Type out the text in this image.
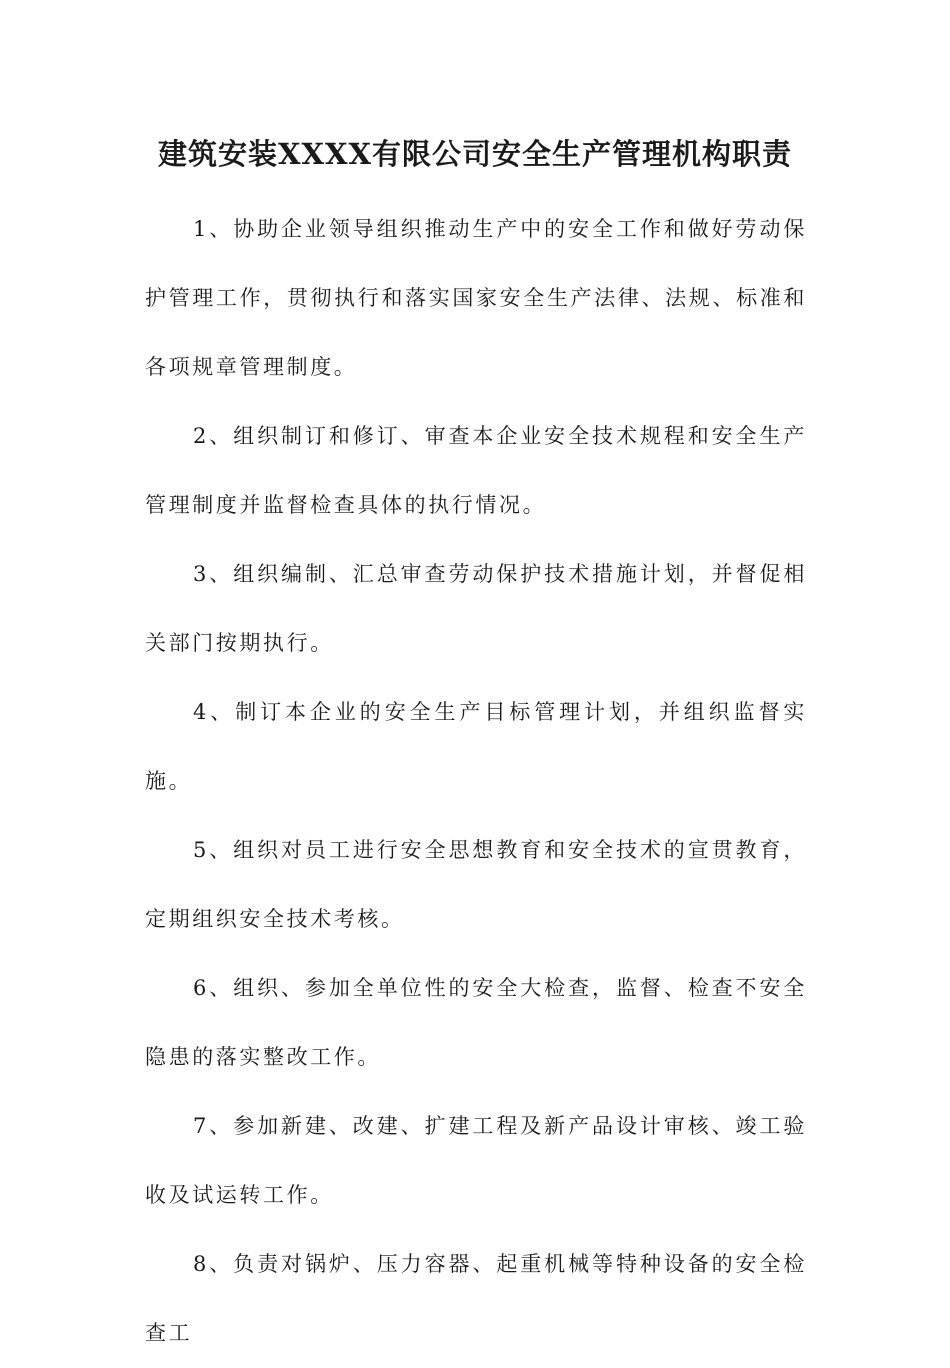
建筑安装XXXX有限公司安全生产管理机构职责

1、协助企业领导组织推动生产中的安全工作和做好劳动保护管理工作，贯彻执行和落实国家安全生产法律、法规、标准和各项规章管理制度。

2、组织制订和修订、审查本企业安全技术规程和安全生产管理制度并监督检查具体的执行情况。

3、组织编制、汇总审查劳动保护技术措施计划，并督促相关部门按期执行。

4、制订本企业的安全生产目标管理计划，并组织监督实施。

5、组织对员工进行安全思想教育和安全技术的宣贯教育，定期组织安全技术考核。

6、组织、参加全单位性的安全大检查，监督、检查不安全隐患的落实整改工作。

7、参加新建、改建、扩建工程及新产品设计审核、竣工验收及试运转工作。

8、负责对锅炉、压力容器、起重机械等特种设备的安全检查工
